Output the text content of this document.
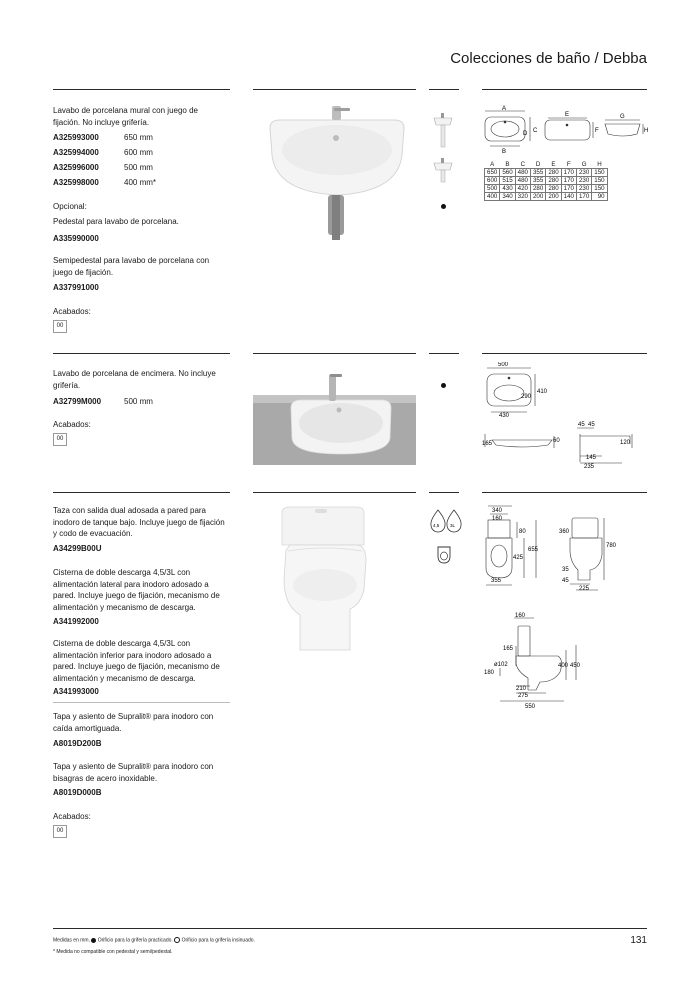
Colecciones de baño / Debba
Lavabo de porcelana mural con juego de fijación. No incluye grifería.
A325993000	650 mm
A325994000	600 mm
A325996000	500 mm
A325998000	400 mm*
Opcional:
Pedestal para lavabo de porcelana.
A335990000
Semipedestal para lavabo de porcelana con juego de fijación.
A337991000
Acabados:
00
A
B
C
D
E
F
G
H
A	B	C	D	E	F	G	H
650	560	480	355	280	170	230	150
600	515	480	355	280	170	230	150
500	430	420	280	280	170	230	150
400	340	320	200	200	140	170	90
Lavabo de porcelana de encimera. No incluye grifería.
A32799M000	500 mm
Acabados:
00
500
410
290
430
165	60
45 45
120
145
235
Taza con salida dual adosada a pared para inodoro de tanque bajo. Incluye juego de fijación y codo de evacuación.
A34299B00U
Cisterna de doble descarga 4,5/3L con alimentación lateral para inodoro adosado a pared. Incluye juego de fijación, mecanismo de alimentación y mecanismo de descarga.
A341992000
Cisterna de doble descarga 4,5/3L con alimentación inferior para inodoro adosado a pared. Incluye juego de fijación, mecanismo de alimentación y mecanismo de descarga.
A341993000
Tapa y asiento de Supralit® para inodoro con caída amortiguada.
A8019D200B
Tapa y asiento de Supralit® para inodoro con bisagras de acero inoxidable.
A8019D000B
Acabados:
00
4,5 3L
340
160
80
425
655
355
360
780
35
45
225
160
165
ø102
180
400 450
210
275
550
Medidas en mm. Orificio para la grifería practicado. Orificio para la grifería insinuado.
* Medida no compatible con pedestal y semi/pedestal.
131
